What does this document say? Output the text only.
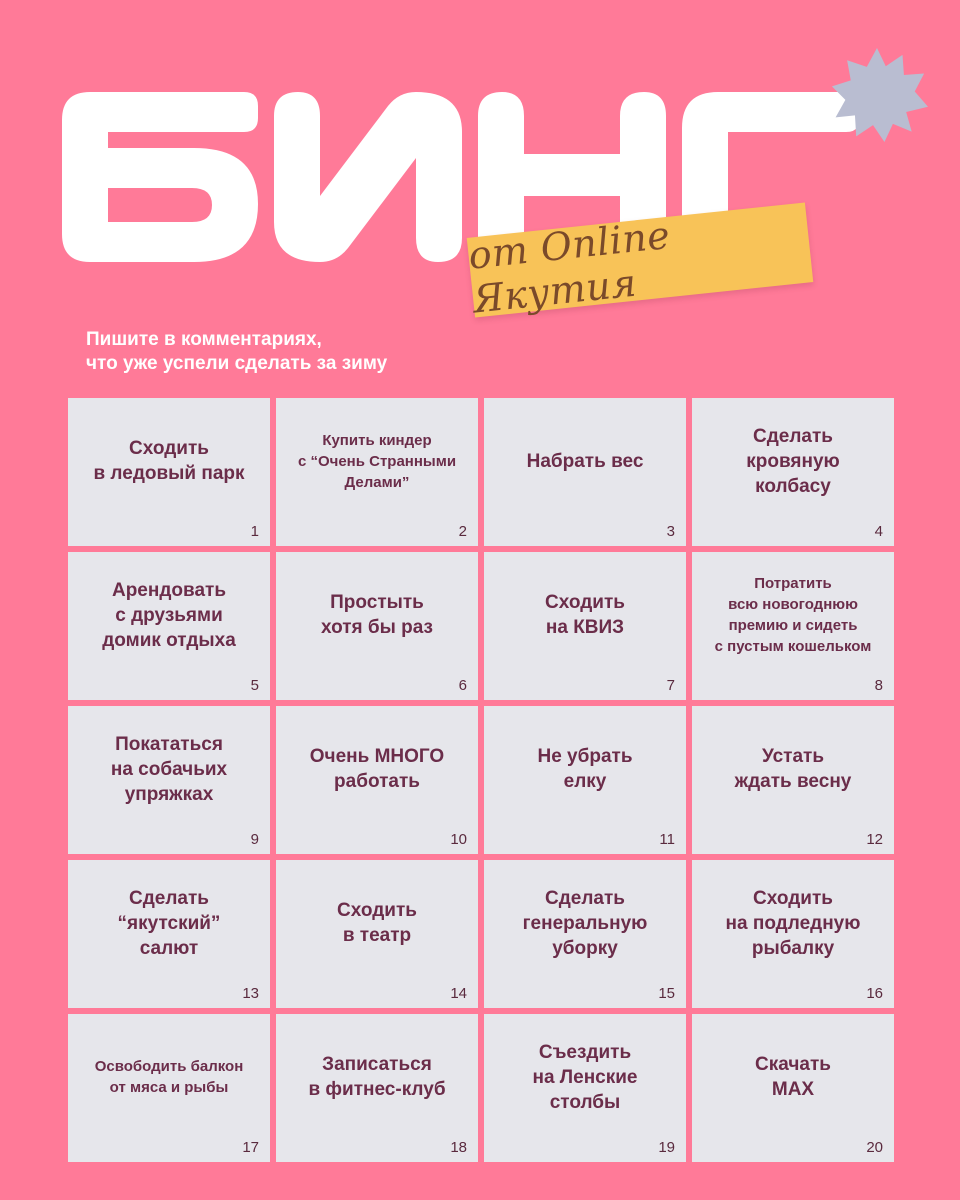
от Online Якутия
Пишите в комментариях,
что уже успели сделать за зиму
Сходить
в ледовый парк
1
Купить киндер
с “Очень Странными
Делами”
2
Набрать вес
3
Сделать
кровяную
колбасу
4
Арендовать
с друзьями
домик отдыха
5
Простыть
хотя бы раз
6
Сходить
на КВИЗ
7
Потратить
всю новогоднюю
премию и сидеть
с пустым кошельком
8
Покататься
на собачьих
упряжках
9
Очень МНОГО
работать
10
Не убрать
елку
11
Устать
ждать весну
12
Сделать
“якутский”
салют
13
Сходить
в театр
14
Сделать
генеральную
уборку
15
Сходить
на подледную
рыбалку
16
Освободить балкон
от мяса и рыбы
17
Записаться
в фитнес-клуб
18
Съездить
на Ленские
столбы
19
Скачать
MAX
20
